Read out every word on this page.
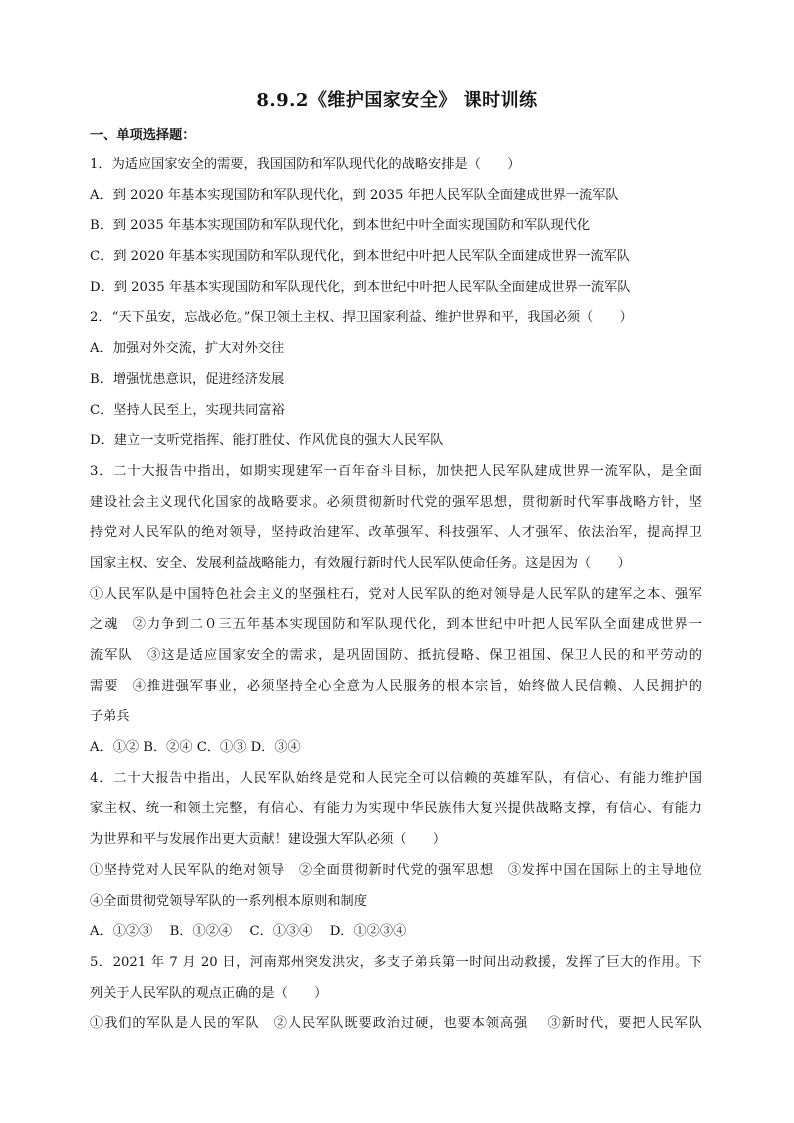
8.9.2《维护国家安全》 课时训练
一、单项选择题：
1．为适应国家安全的需要，我国国防和军队现代化的战略安排是（　　）
A．到 2020 年基本实现国防和军队现代化，到 2035 年把人民军队全面建成世界一流军队
B．到 2035 年基本实现国防和军队现代化，到本世纪中叶全面实现国防和军队现代化
C．到 2020 年基本实现国防和军队现代化，到本世纪中叶把人民军队全面建成世界一流军队
D．到 2035 年基本实现国防和军队现代化，到本世纪中叶把人民军队全面建成世界一流军队
2．“天下虽安，忘战必危。”保卫领土主权、捍卫国家利益、维护世界和平，我国必须（　　）
A．加强对外交流，扩大对外交往
B．增强忧患意识，促进经济发展
C．坚持人民至上，实现共同富裕
D．建立一支听党指挥、能打胜仗、作风优良的强大人民军队
3．二十大报告中指出，如期实现建军一百年奋斗目标，加快把人民军队建成世界一流军队，是全面
建设社会主义现代化国家的战略要求。必须贯彻新时代党的强军思想，贯彻新时代军事战略方针，坚
持党对人民军队的绝对领导，坚持政治建军、改革强军、科技强军、人才强军、依法治军，提高捍卫
国家主权、安全、发展利益战略能力，有效履行新时代人民军队使命任务。这是因为（　　）
①人民军队是中国特色社会主义的坚强柱石，党对人民军队的绝对领导是人民军队的建军之本、强军
之魂　②力争到二０三五年基本实现国防和军队现代化，到本世纪中叶把人民军队全面建成世界一
流军队　③这是适应国家安全的需求，是巩固国防、抵抗侵略、保卫祖国、保卫人民的和平劳动的
需要　④推进强军事业，必须坚持全心全意为人民服务的根本宗旨，始终做人民信赖、人民拥护的
子弟兵
A．①② B．②④ C．①③ D．③④
4．二十大报告中指出，人民军队始终是党和人民完全可以信赖的英雄军队，有信心、有能力维护国
家主权、统一和领土完整，有信心、有能力为实现中华民族伟大复兴提供战略支撑，有信心、有能力
为世界和平与发展作出更大贡献！建设强大军队必须（　　）
①坚持党对人民军队的绝对领导　②全面贯彻新时代党的强军思想　③发挥中国在国际上的主导地位
④全面贯彻党领导军队的一系列根本原则和制度
A．①②③　 B．①②④　 C．①③④　 D．①②③④
5．2021 年 7 月 20 日，河南郑州突发洪灾，多支子弟兵第一时间出动救援，发挥了巨大的作用。下
列关于人民军队的观点正确的是（　　）
①我们的军队是人民的军队　②人民军队既要政治过硬，也要本领高强　 ③新时代，要把人民军队
